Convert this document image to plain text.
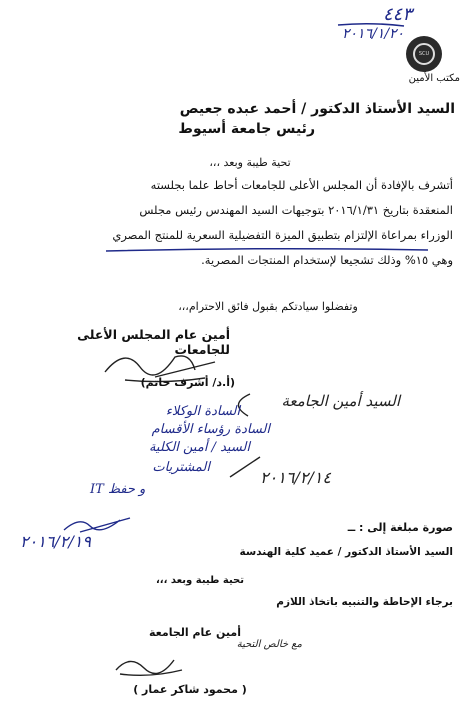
٤٤٣
٢٠١٦/١/٢٠
SCU
مكتب الأمين
السيد الأستاذ الدكتور / أحمد عبده جعيص
رئيس جامعة أسيوط
تحية طيبة وبعد ،،،
أتشرف بالإفادة أن المجلس الأعلى للجامعات أحاط علما بجلسته
المنعقدة بتاريخ ٢٠١٦/١/٣١ بتوجيهات السيد المهندس رئيس مجلس
الوزراء بمراعاة الإلتزام بتطبيق الميزة التفضيلية السعرية للمنتج المصري
وهي ١٥% وذلك تشجيعا لإستخدام المنتجات المصرية.
وتفضلوا سيادتكم بقبول فائق الاحترام،،،
أمين عام المجلس الأعلى للجامعات
(أ.د/ أشرف حاتم)
السيد أمين الجامعة
السادة الوكلاء
السادة رؤساء الأقسام
السيد / أمين الكلية
المشتريات
IT و حفظ
٢٠١٦/٢/١٤
٢٠١٦/٢/١٩
صورة مبلغة إلى : ــ
السيد الأستاذ الدكتور / عميد كلية الهندسة
تحية طيبة وبعد ،،،
برجاء الإحاطة والتنبيه باتخاذ اللازم
أمين عام الجامعة
مع خالص التحية
( محمود شاكر عمار )
